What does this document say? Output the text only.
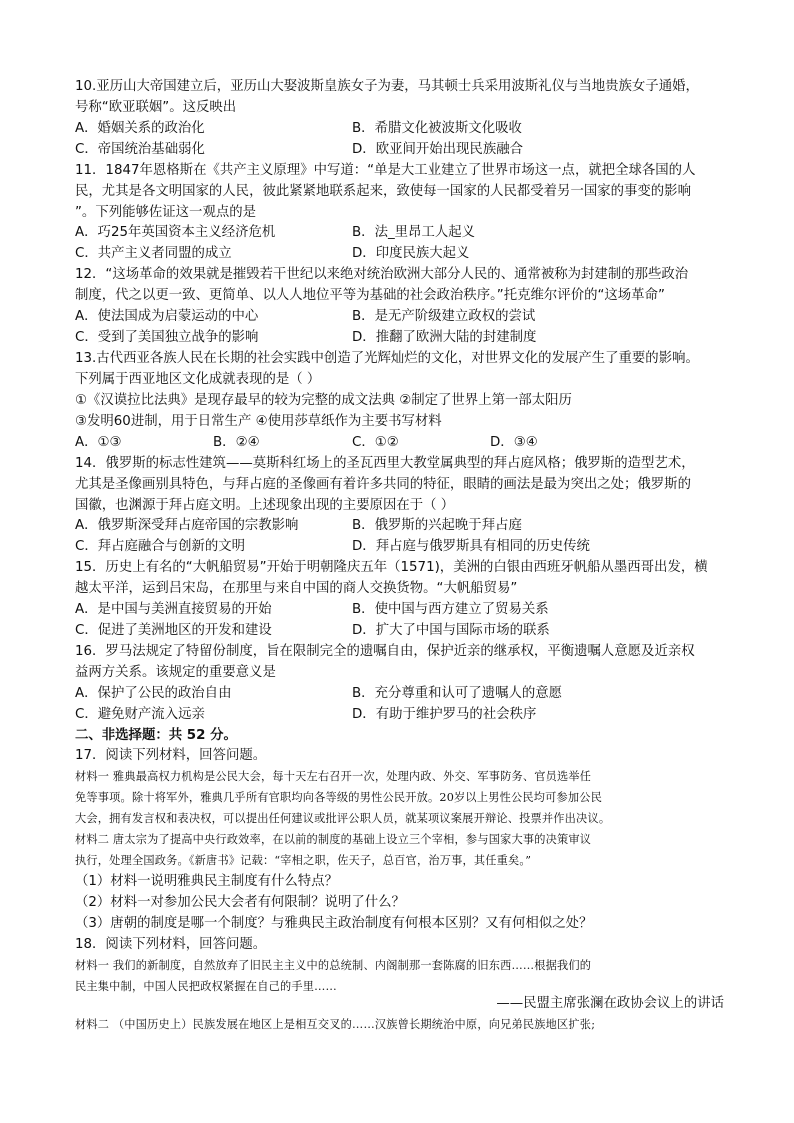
10.亚历山大帝国建立后，亚历山大娶波斯皇族女子为妻，马其顿士兵采用波斯礼仪与当地贵族女子通婚，
号称“欧亚联姻”。这反映出
A．婚姻关系的政治化	B．希腊文化被波斯文化吸收
C．帝国统治基础弱化	D．欧亚间开始出现民族融合
11．1847年恩格斯在《共产主义原理》中写道：“单是大工业建立了世界市场这一点，就把全球各国的人
民，尤其是各文明国家的人民，彼此紧紧地联系起来，致使每一国家的人民都受着另一国家的事变的影响
”。下列能够佐证这一观点的是
A．巧25年英国资本主义经济危机	B．法_里昂工人起义
C．共产主义者同盟的成立	D．印度民族大起义
12．“这场革命的效果就是摧毁若干世纪以来绝对统治欧洲大部分人民的、通常被称为封建制的那些政治
制度，代之以更一致、更简单、以人人地位平等为基础的社会政治秩序。”托克维尔评价的“这场革命”
A．使法国成为启蒙运动的中心	B．是无产阶级建立政权的尝试
C．受到了美国独立战争的影响	D．推翻了欧洲大陆的封建制度
13.古代西亚各族人民在长期的社会实践中创造了光辉灿烂的文化，对世界文化的发展产生了重要的影响。
下列属于西亚地区文化成就表现的是（ ）
①《汉谟拉比法典》是现存最早的较为完整的成文法典 ②制定了世界上第一部太阳历
③发明60进制，用于日常生产 ④使用莎草纸作为主要书写材料
A．①③	B．②④	C．①②	D．③④
14．俄罗斯的标志性建筑——莫斯科红场上的圣瓦西里大教堂属典型的拜占庭风格；俄罗斯的造型艺术，
尤其是圣像画别具特色，与拜占庭的圣像画有着许多共同的特征，眼睛的画法是最为突出之处；俄罗斯的
国徽，也渊源于拜占庭文明。上述现象出现的主要原因在于（ ）
A．俄罗斯深受拜占庭帝国的宗教影响	B．俄罗斯的兴起晚于拜占庭
C．拜占庭融合与创新的文明	D．拜占庭与俄罗斯具有相同的历史传统
15．历史上有名的“大帆船贸易”开始于明朝隆庆五年（1571)，美洲的白银由西班牙帆船从墨西哥出发，横
越太平洋，运到吕宋岛，在那里与来自中国的商人交换货物。“大帆船贸易”
A．是中国与美洲直接贸易的开始	B．使中国与西方建立了贸易关系
C．促进了美洲地区的开发和建设	D．扩大了中国与国际市场的联系
16．罗马法规定了特留份制度，旨在限制完全的遗嘱自由，保护近亲的继承权，平衡遗嘱人意愿及近亲权
益两方关系。该规定的重要意义是
A．保护了公民的政治自由	B．充分尊重和认可了遗嘱人的意愿
C．避免财产流入远亲	D．有助于维护罗马的社会秩序
二、非选择题：共 52 分。
17．阅读下列材料，回答问题。
材料一 雅典最高权力机构是公民大会，每十天左右召开一次，处理内政、外交、军事防务、官员选举任
免等事项。除十将军外，雅典几乎所有官职均向各等级的男性公民开放。20岁以上男性公民均可参加公民
大会，拥有发言权和表决权，可以提出任何建议或批评公职人员，就某项议案展开辩论、投票并作出决议。
材料二 唐太宗为了提高中央行政效率，在以前的制度的基础上设立三个宰相，参与国家大事的决策审议
执行，处理全国政务。《新唐书》记载：“宰相之职，佐天子，总百官，治万事，其任重矣。”
（1）材料一说明雅典民主制度有什么特点？
（2）材料一对参加公民大会者有何限制？说明了什么？
（3）唐朝的制度是哪一个制度？与雅典民主政治制度有何根本区别？又有何相似之处？
18．阅读下列材料，回答问题。
材料一 我们的新制度，自然放弃了旧民主主义中的总统制、内阁制那一套陈腐的旧东西……根据我们的
民主集中制，中国人民把政权紧握在自己的手里……
——民盟主席张澜在政协会议上的讲话
材料二 （中国历史上）民族发展在地区上是相互交叉的……汉族曾长期统治中原，向兄弟民族地区扩张;
